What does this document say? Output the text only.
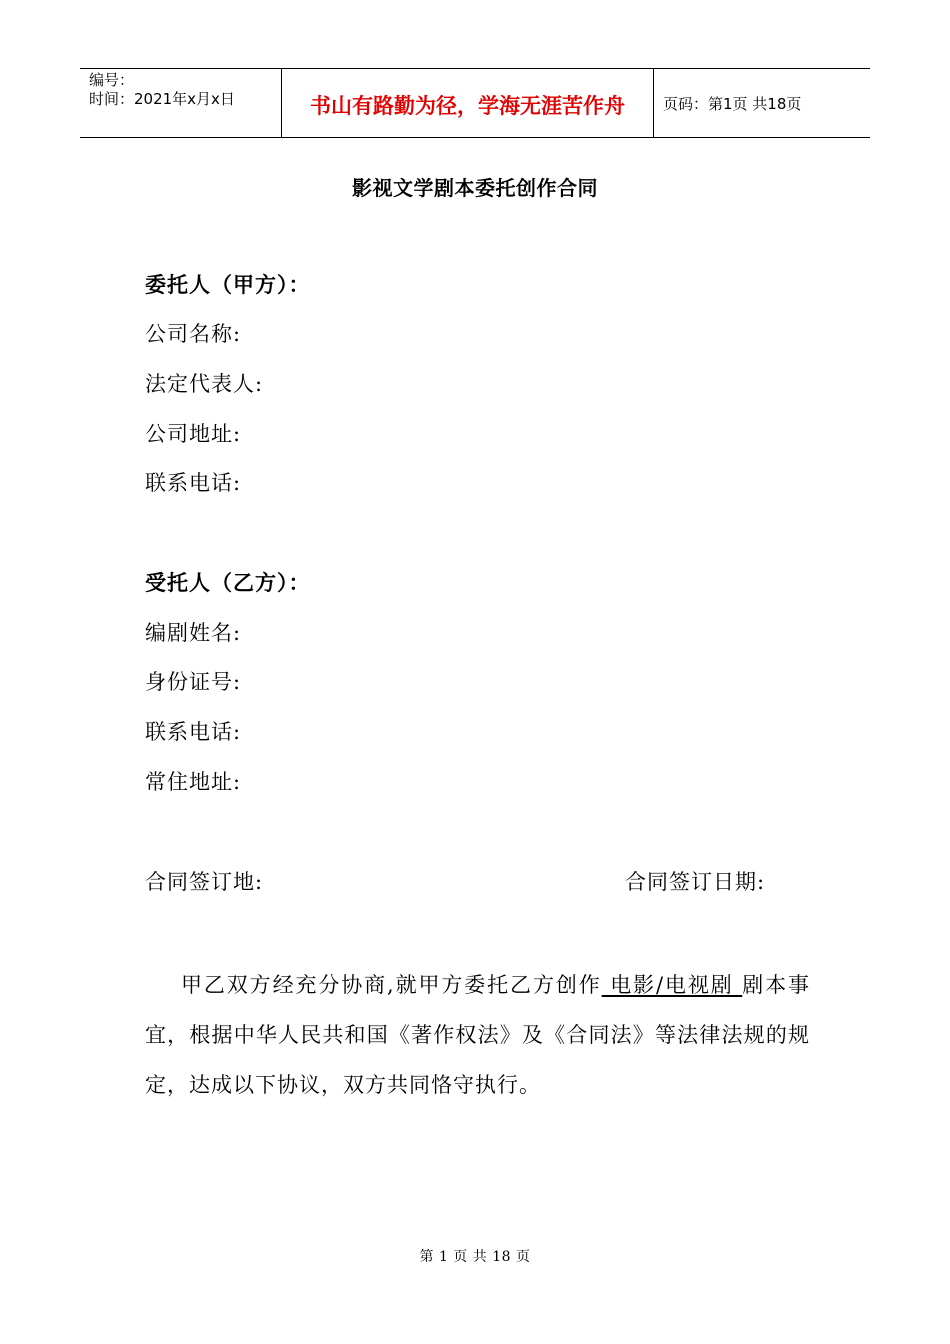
编号：
时间：2021年x月x日	书山有路勤为径，学海无涯苦作舟	页码：第1页 共18页
影视文学剧本委托创作合同
委托人（甲方）：
公司名称:
法定代表人:
公司地址:
联系电话:
受托人（乙方）：
编剧姓名:
身份证号:
联系电话:
常住地址:
合同签订地:	合同签订日期:
甲乙双方经充分协商,就甲方委托乙方创作 电影/电视剧 剧本事宜，根据中华人民共和国《著作权法》及《合同法》等法律法规的规定，达成以下协议，双方共同恪守执行。
第 1 页 共 18 页
